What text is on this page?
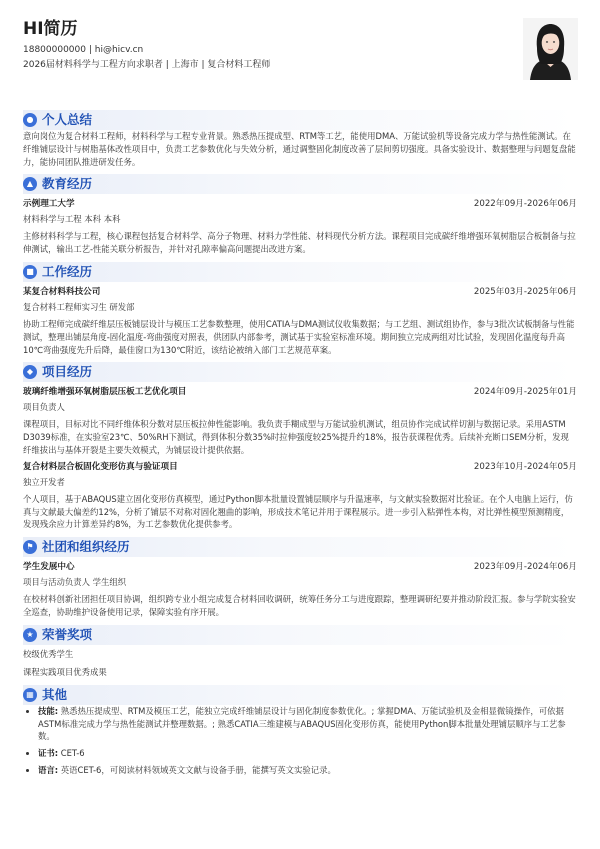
HI简历
18800000000 | hi@hicv.cn
2026届材料科学与工程方向求职者 | 上海市 | 复合材料工程师
● 个人总结

意向岗位为复合材料工程师，材料科学与工程专业背景。熟悉热压提成型、RTM等工艺，能使用DMA、万能试验机等设备完成力学与热性能测试。在纤维铺层设计与树脂基体改性项目中，负责工艺参数优化与失效分析，通过调整固化制度改善了层间剪切强度。具备实验设计、数据整理与问题复盘能力，能协同团队推进研发任务。

▲ 教育经历
示例理工大学	2022年09月-2026年06月
材料科学与工程 本科 本科

主修材料科学与工程，核心课程包括复合材料学、高分子物理、材料力学性能、材料现代分析方法。课程项目完成碳纤维增强环氧树脂层合板制备与拉伸测试，输出工艺-性能关联分析报告，并针对孔隙率偏高问题提出改进方案。

■ 工作经历
某复合材料科技公司	2025年03月-2025年06月
复合材料工程师实习生 研发部

协助工程师完成碳纤维层压板铺层设计与模压工艺参数整理，使用CATIA与DMA测试仪收集数据；与工艺组、测试组协作，参与3批次试板制备与性能测试，整理出铺层角度-固化温度-弯曲强度对照表，供团队内部参考，测试基于实验室标准环境。期间独立完成两组对比试验，发现固化温度每升高10℃弯曲强度先升后降，最佳窗口为130℃附近，该结论被纳入部门工艺规范草案。

◆ 项目经历
玻璃纤维增强环氧树脂层压板工艺优化项目	2024年09月-2025年01月
项目负责人

课程项目，目标对比不同纤维体积分数对层压板拉伸性能影响。我负责手糊成型与万能试验机测试，组员协作完成试样切割与数据记录。采用ASTM D3039标准，在实验室23℃、50%RH下测试，得到体积分数35%时拉伸强度较25%提升约18%，报告获课程优秀。后续补充断口SEM分析，发现纤维拔出与基体开裂是主要失效模式，为铺层设计提供依据。

复合材料层合板固化变形仿真与验证项目	2023年10月-2024年05月
独立开发者

个人项目，基于ABAQUS建立固化变形仿真模型，通过Python脚本批量设置铺层顺序与升温速率，与文献实验数据对比验证。在个人电脑上运行，仿真与文献最大偏差约12%，分析了铺层不对称对固化翘曲的影响，形成技术笔记并用于课程展示。进一步引入粘弹性本构，对比弹性模型预测精度，发现残余应力计算差异约8%，为工艺参数优化提供参考。

⚑ 社团和组织经历
学生发展中心	2023年09月-2024年06月
项目与活动负责人 学生组织

在校材料创新社团担任项目协调，组织跨专业小组完成复合材料回收调研，统筹任务分工与进度跟踪，整理调研纪要并推动阶段汇报。参与学院实验安全巡查，协助维护设备使用记录，保障实验有序开展。

★ 荣誉奖项
校级优秀学生
课程实践项目优秀成果
▦ 其他
• 技能: 熟悉热压提成型、RTM及模压工艺，能独立完成纤维铺层设计与固化制度参数优化。; 掌握DMA、万能试验机及金相显微镜操作，可依据ASTM标准完成力学与热性能测试并整理数据。; 熟悉CATIA三维建模与ABAQUS固化变形仿真，能使用Python脚本批量处理铺层顺序与工艺参数。
• 证书: CET-6
• 语言: 英语CET-6，可阅读材料领域英文文献与设备手册，能撰写英文实验记录。
